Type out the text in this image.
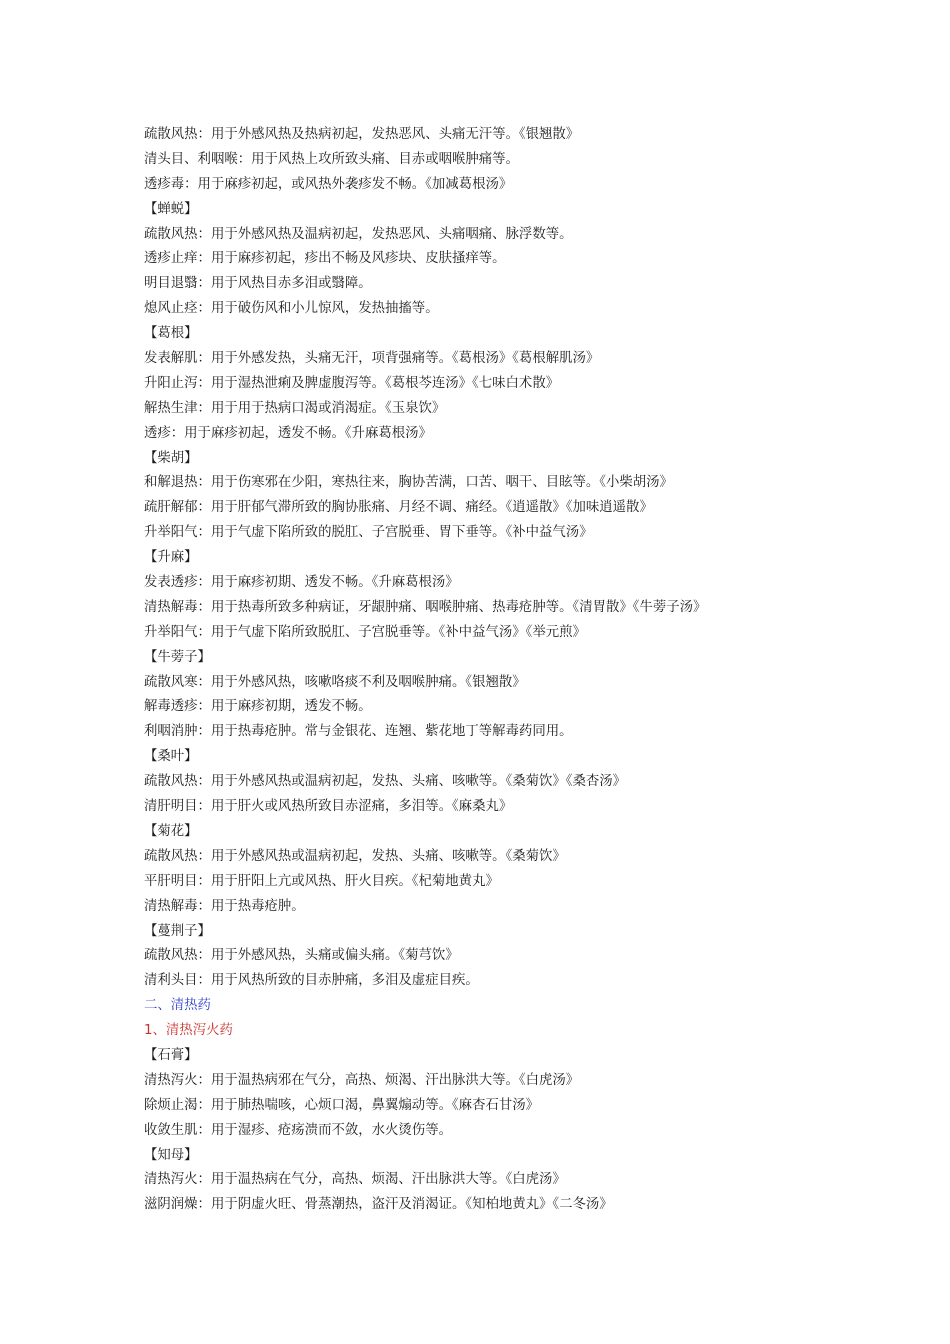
疏散风热：用于外感风热及热病初起，发热恶风、头痛无汗等。《银翘散》
清头目、利咽喉：用于风热上攻所致头痛、目赤或咽喉肿痛等。
透疹毒：用于麻疹初起，或风热外袭疹发不畅。《加减葛根汤》
【蝉蜕】
疏散风热：用于外感风热及温病初起，发热恶风、头痛咽痛、脉浮数等。
透疹止痒：用于麻疹初起，疹出不畅及风疹块、皮肤搔痒等。
明目退翳：用于风热目赤多泪或翳障。
熄风止痉：用于破伤风和小儿惊风，发热抽搐等。
【葛根】
发表解肌：用于外感发热，头痛无汗，项背强痛等。《葛根汤》《葛根解肌汤》
升阳止泻：用于湿热泄痢及脾虚腹泻等。《葛根芩连汤》《七味白术散》
解热生津：用于用于热病口渴或消渴症。《玉泉饮》
透疹：用于麻疹初起，透发不畅。《升麻葛根汤》
【柴胡】
和解退热：用于伤寒邪在少阳，寒热往来，胸协苦满，口苦、咽干、目眩等。《小柴胡汤》
疏肝解郁：用于肝郁气滞所致的胸协胀痛、月经不调、痛经。《逍遥散》《加味逍遥散》
升举阳气：用于气虚下陷所致的脱肛、子宫脱垂、胃下垂等。《补中益气汤》
【升麻】
发表透疹：用于麻疹初期、透发不畅。《升麻葛根汤》
清热解毒：用于热毒所致多种病证，牙龈肿痛、咽喉肿痛、热毒疮肿等。《清胃散》《牛蒡子汤》
升举阳气：用于气虚下陷所致脱肛、子宫脱垂等。《补中益气汤》《举元煎》
【牛蒡子】
疏散风寒：用于外感风热，咳嗽咯痰不利及咽喉肿痛。《银翘散》
解毒透疹：用于麻疹初期，透发不畅。
利咽消肿：用于热毒疮肿。常与金银花、连翘、紫花地丁等解毒药同用。
【桑叶】
疏散风热：用于外感风热或温病初起，发热、头痛、咳嗽等。《桑菊饮》《桑杏汤》
清肝明目：用于肝火或风热所致目赤涩痛，多泪等。《麻桑丸》
【菊花】
疏散风热：用于外感风热或温病初起，发热、头痛、咳嗽等。《桑菊饮》
平肝明目：用于肝阳上亢或风热、肝火目疾。《杞菊地黄丸》
清热解毒：用于热毒疮肿。
【蔓荆子】
疏散风热：用于外感风热，头痛或偏头痛。《菊芎饮》
清利头目：用于风热所致的目赤肿痛，多泪及虚症目疾。
二、清热药
1、清热泻火药
【石膏】
清热泻火：用于温热病邪在气分，高热、烦渴、汗出脉洪大等。《白虎汤》
除烦止渴：用于肺热喘咳，心烦口渴，鼻翼煽动等。《麻杏石甘汤》
收敛生肌：用于湿疹、疮疡溃而不敛，水火烫伤等。
【知母】
清热泻火：用于温热病在气分，高热、烦渴、汗出脉洪大等。《白虎汤》
滋阴润燥：用于阴虚火旺、骨蒸潮热，盗汗及消渴证。《知柏地黄丸》《二冬汤》
